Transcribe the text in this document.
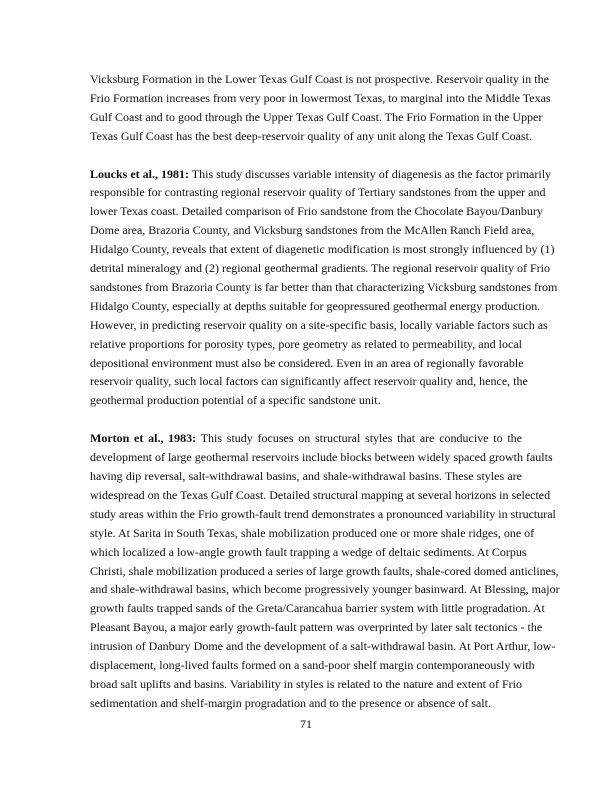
Vicksburg Formation in the Lower Texas Gulf Coast is not prospective. Reservoir quality in the
Frio Formation increases from very poor in lowermost Texas, to marginal into the Middle Texas
Gulf Coast and to good through the Upper Texas Gulf Coast. The Frio Formation in the Upper
Texas Gulf Coast has the best deep-reservoir quality of any unit along the Texas Gulf Coast.
Loucks et al., 1981: This study discusses variable intensity of diagenesis as the factor primarily
responsible for contrasting regional reservoir quality of Tertiary sandstones from the upper and
lower Texas coast. Detailed comparison of Frio sandstone from the Chocolate Bayou/Danbury
Dome area, Brazoria County, and Vicksburg sandstones from the McAllen Ranch Field area,
Hidalgo County, reveals that extent of diagenetic modification is most strongly influenced by (1)
detrital mineralogy and (2) regional geothermal gradients. The regional reservoir quality of Frio
sandstones from Brazoria County is far better than that characterizing Vicksburg sandstones from
Hidalgo County, especially at depths suitable for geopressured geothermal energy production.
However, in predicting reservoir quality on a site-specific basis, locally variable factors such as
relative proportions for porosity types, pore geometry as related to permeability, and local
depositional environment must also be considered. Even in an area of regionally favorable
reservoir quality, such local factors can significantly affect reservoir quality and, hence, the
geothermal production potential of a specific sandstone unit.
Morton et al., 1983: This study focuses on structural styles that are conducive to the
development of large geothermal reservoirs include blocks between widely spaced growth faults
having dip reversal, salt-withdrawal basins, and shale-withdrawal basins. These styles are
widespread on the Texas Gulf Coast. Detailed structural mapping at several horizons in selected
study areas within the Frio growth-fault trend demonstrates a pronounced variability in structural
style. At Sarita in South Texas, shale mobilization produced one or more shale ridges, one of
which localized a low-angle growth fault trapping a wedge of deltaic sediments. At Corpus
Christi, shale mobilization produced a series of large growth faults, shale-cored domed anticlines,
and shale-withdrawal basins, which become progressively younger basinward. At Blessing, major
growth faults trapped sands of the Greta/Carancahua barrier system with little progradation. At
Pleasant Bayou, a major early growth-fault pattern was overprinted by later salt tectonics - the
intrusion of Danbury Dome and the development of a salt-withdrawal basin. At Port Arthur, low-
displacement, long-lived faults formed on a sand-poor shelf margin contemporaneously with
broad salt uplifts and basins. Variability in styles is related to the nature and extent of Frio
sedimentation and shelf-margin progradation and to the presence or absence of salt.
71
